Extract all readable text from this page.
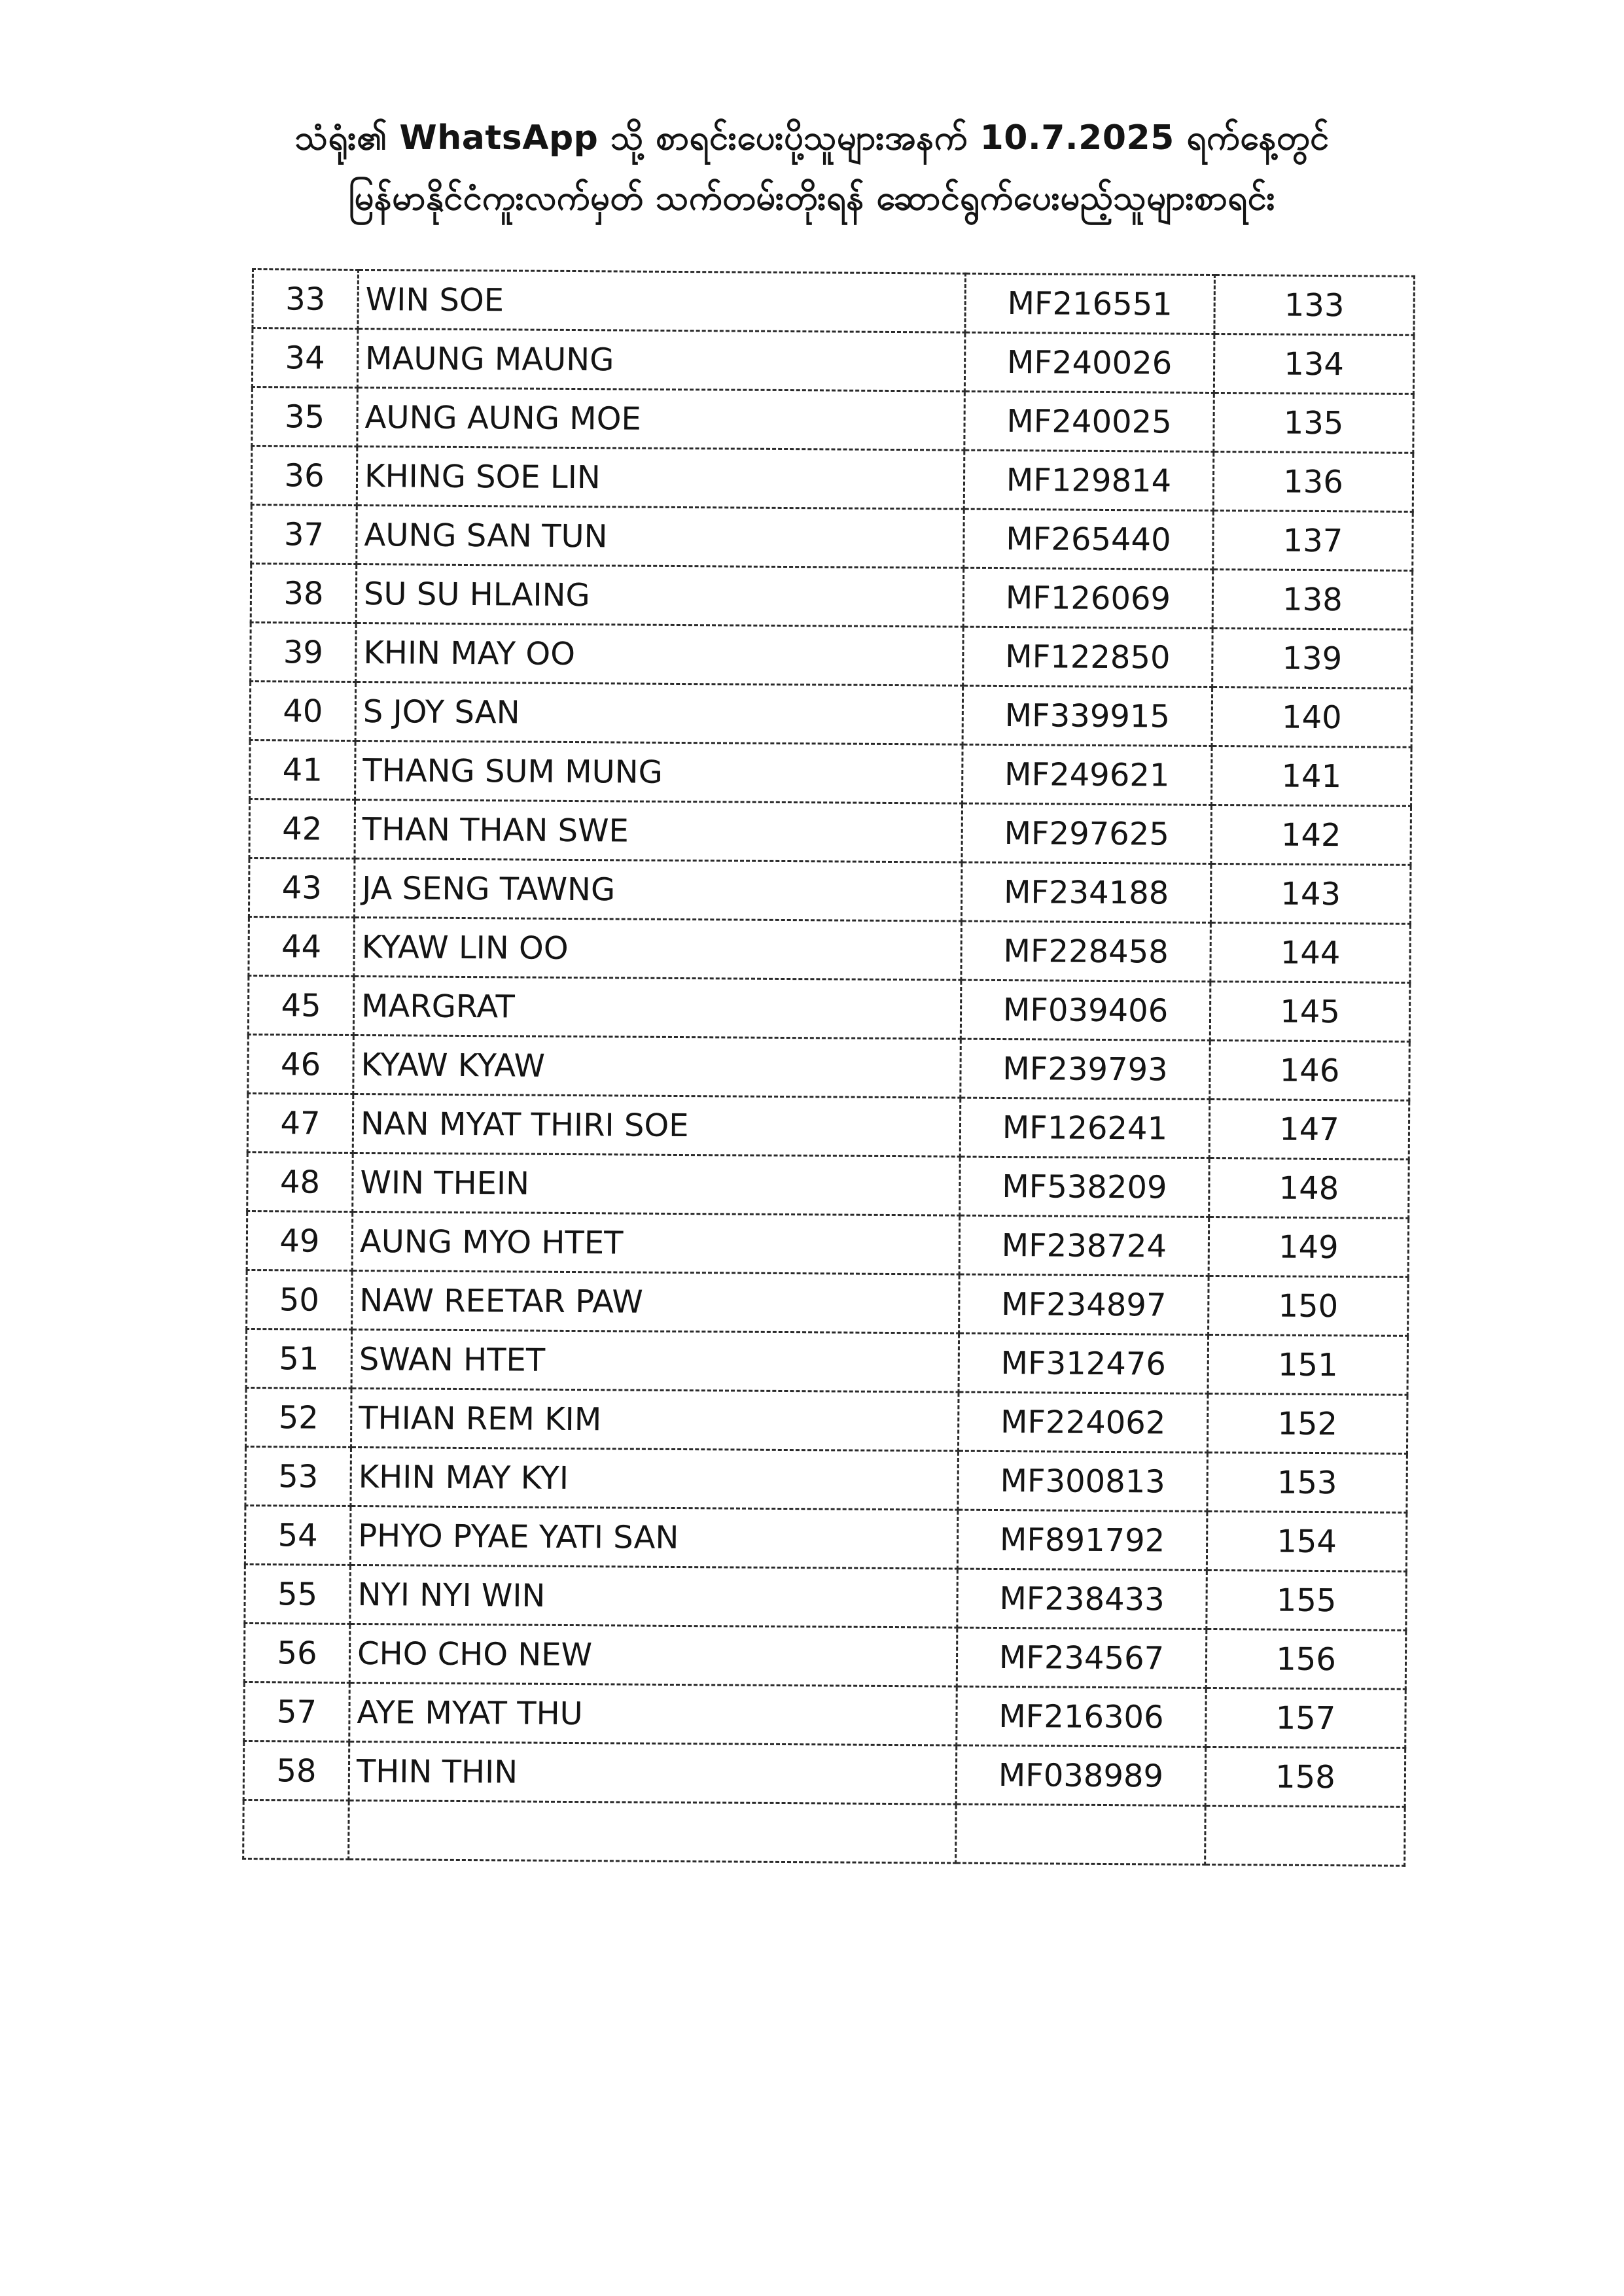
သံရုံး၏ WhatsApp သို့ စာရင်းပေးပို့သူများအနက် 10.7.2025 ရက်နေ့တွင်
မြန်မာနိုင်ငံကူးလက်မှတ် သက်တမ်းတိုးရန် ဆောင်ရွက်ပေးမည့်သူများစာရင်း
33	WIN SOE	MF216551	133
34	MAUNG MAUNG	MF240026	134
35	AUNG AUNG MOE	MF240025	135
36	KHING SOE LIN	MF129814	136
37	AUNG SAN TUN	MF265440	137
38	SU SU HLAING	MF126069	138
39	KHIN MAY OO	MF122850	139
40	S JOY SAN	MF339915	140
41	THANG SUM MUNG	MF249621	141
42	THAN THAN SWE	MF297625	142
43	JA SENG TAWNG	MF234188	143
44	KYAW LIN OO	MF228458	144
45	MARGRAT	MF039406	145
46	KYAW KYAW	MF239793	146
47	NAN MYAT THIRI SOE	MF126241	147
48	WIN THEIN	MF538209	148
49	AUNG MYO HTET	MF238724	149
50	NAW REETAR PAW	MF234897	150
51	SWAN HTET	MF312476	151
52	THIAN REM KIM	MF224062	152
53	KHIN MAY KYI	MF300813	153
54	PHYO PYAE YATI SAN	MF891792	154
55	NYI NYI WIN	MF238433	155
56	CHO CHO NEW	MF234567	156
57	AYE MYAT THU	MF216306	157
58	THIN THIN	MF038989	158
